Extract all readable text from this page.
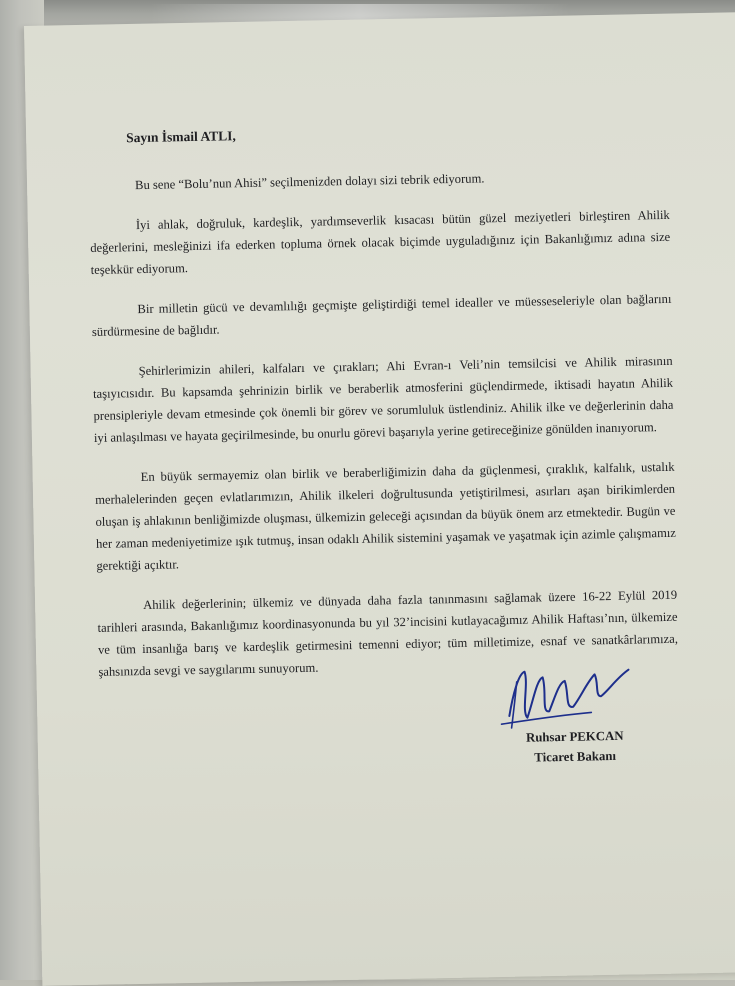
Sayın İsmail ATLI,

Bu sene “Bolu’nun Ahisi” seçilmenizden dolayı sizi tebrik ediyorum.

İyi ahlak, doğruluk, kardeşlik, yardımseverlik kısacası bütün güzel meziyetleri birleştiren Ahilik değerlerini, mesleğinizi ifa ederken topluma örnek olacak biçimde uyguladığınız için Bakanlığımız adına size teşekkür ediyorum.

Bir milletin gücü ve devamlılığı geçmişte geliştirdiği temel idealler ve müesseseleriyle olan bağlarını sürdürmesine de bağlıdır.

Şehirlerimizin ahileri, kalfaları ve çırakları; Ahi Evran-ı Veli’nin temsilcisi ve Ahilik mirasının taşıyıcısıdır. Bu kapsamda şehrinizin birlik ve beraberlik atmosferini güçlendirmede, iktisadi hayatın Ahilik prensipleriyle devam etmesinde çok önemli bir görev ve sorumluluk üstlendiniz. Ahilik ilke ve değerlerinin daha iyi anlaşılması ve hayata geçirilmesinde, bu onurlu görevi başarıyla yerine getireceğinize gönülden inanıyorum.

En büyük sermayemiz olan birlik ve beraberliğimizin daha da güçlenmesi, çıraklık, kalfalık, ustalık merhalelerinden geçen evlatlarımızın, Ahilik ilkeleri doğrultusunda yetiştirilmesi, asırları aşan birikimlerden oluşan iş ahlakının benliğimizde oluşması, ülkemizin geleceği açısından da büyük önem arz etmektedir. Bugün ve her zaman medeniyetimize ışık tutmuş, insan odaklı Ahilik sistemini yaşamak ve yaşatmak için azimle çalışmamız gerektiği açıktır.

Ahilik değerlerinin; ülkemiz ve dünyada daha fazla tanınmasını sağlamak üzere 16-22 Eylül 2019 tarihleri arasında, Bakanlığımız koordinasyonunda bu yıl 32’incisini kutlayacağımız Ahilik Haftası’nın, ülkemize ve tüm insanlığa barış ve kardeşlik getirmesini temenni ediyor; tüm milletimize, esnaf ve sanatkârlarımıza, şahsınızda sevgi ve saygılarımı sunuyorum.

Ruhsar PEKCAN
Ticaret Bakanı
